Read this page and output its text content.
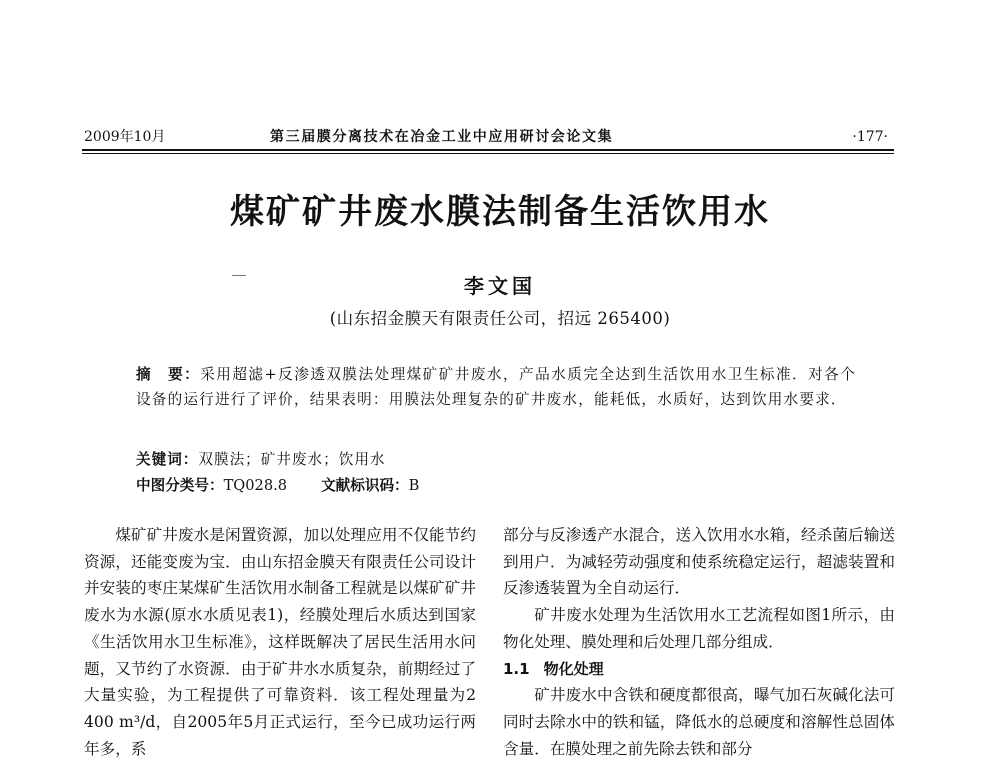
2009年10月	第三届膜分离技术在冶金工业中应用研讨会论文集	·177·
煤矿矿井废水膜法制备生活饮用水
李文国
(山东招金膜天有限责任公司，招远 265400)
摘　要：采用超滤+反渗透双膜法处理煤矿矿井废水，产品水质完全达到生活饮用水卫生标准．对各个设备的运行进行了评价，结果表明：用膜法处理复杂的矿井废水，能耗低，水质好，达到饮用水要求．
关键词：双膜法；矿井废水；饮用水
中图分类号：TQ028.8 文献标识码：B

煤矿矿井废水是闲置资源，加以处理应用不仅能节约资源，还能变废为宝．由山东招金膜天有限责任公司设计并安装的枣庄某煤矿生活饮用水制备工程就是以煤矿矿井废水为水源(原水水质见表1)，经膜处理后水质达到国家《生活饮用水卫生标准》，这样既解决了居民生活用水问题，又节约了水资源．由于矿井水水质复杂，前期经过了大量实验，为工程提供了可靠资料．该工程处理量为2 400 m³/d，自2005年5月正式运行，至今已成功运行两年多，系

部分与反渗透产水混合，送入饮用水水箱，经杀菌后输送到用户．为减轻劳动强度和使系统稳定运行，超滤装置和反渗透装置为全自动运行．

矿井废水处理为生活饮用水工艺流程如图1所示，由物化处理、膜处理和后处理几部分组成．

1.1 物化处理

矿井废水中含铁和硬度都很高，曝气加石灰碱化法可同时去除水中的铁和锰，降低水的总硬度和溶解性总固体含量．在膜处理之前先除去铁和部分
